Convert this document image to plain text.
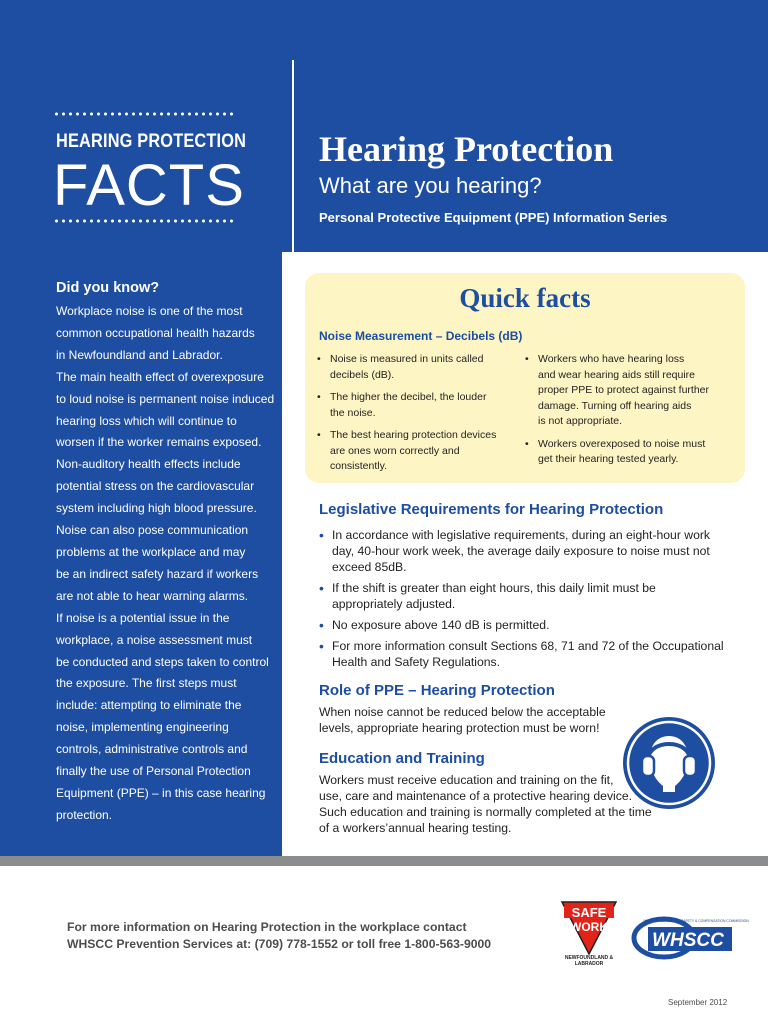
HEARING PROTECTION
FACTS
Hearing Protection
What are you hearing?
Personal Protective Equipment (PPE) Information Series
Did you know?
Workplace noise is one of the most
common occupational health hazards
in Newfoundland and Labrador.
The main health effect of overexposure
to loud noise is permanent noise induced
hearing loss which will continue to
worsen if the worker remains exposed.
Non-auditory health effects include
potential stress on the cardiovascular
system including high blood pressure.
Noise can also pose communication
problems at the workplace and may
be an indirect safety hazard if workers
are not able to hear warning alarms.
If noise is a potential issue in the
workplace, a noise assessment must
be conducted and steps taken to control
the exposure. The first steps must
include: attempting to eliminate the
noise, implementing engineering
controls, administrative controls and
finally the use of Personal Protection
Equipment (PPE) – in this case hearing
protection.
Quick facts
Noise Measurement – Decibels (dB)
• Noise is measured in units called
decibels (dB).
• The higher the decibel, the louder
the noise.
• The best hearing protection devices
are ones worn correctly and
consistently.
• Workers who have hearing loss
and wear hearing aids still require
proper PPE to protect against further
damage. Turning off hearing aids
is not appropriate.
• Workers overexposed to noise must
get their hearing tested yearly.
Legislative Requirements for Hearing Protection
• In accordance with legislative requirements, during an eight-hour work
day, 40-hour work week, the average daily exposure to noise must not
exceed 85dB.
• If the shift is greater than eight hours, this daily limit must be
appropriately adjusted.
• No exposure above 140 dB is permitted.
• For more information consult Sections 68, 71 and 72 of the Occupational
Health and Safety Regulations.
Role of PPE – Hearing Protection
When noise cannot be reduced below the acceptable
levels, appropriate hearing protection must be worn!
Education and Training
Workers must receive education and training on the fit,
use, care and maintenance of a protective hearing device.
Such education and training is normally completed at the time
of a workers’annual hearing testing.
For more information on Hearing Protection in the workplace contact
WHSCC Prevention Services at: (709) 778-1552 or toll free 1-800-563-9000
SAFE
WORK
NEWFOUNDLAND & LABRADOR
WHSCC
WORKPLACE HEALTH, SAFETY & COMPENSATION COMMISSION
September 2012
